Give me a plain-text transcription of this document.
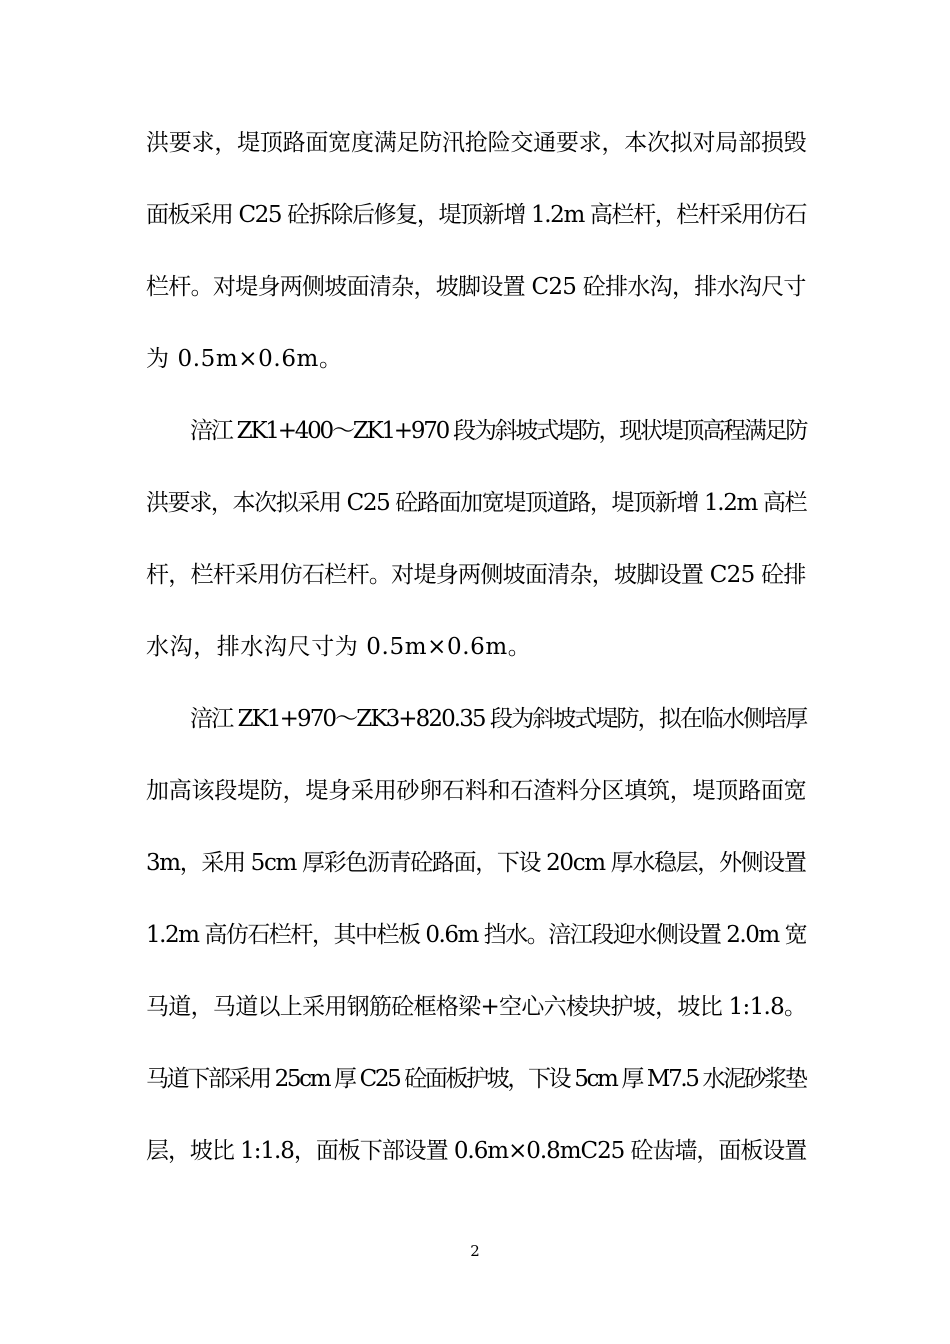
洪要求，堤顶路面宽度满足防汛抢险交通要求，本次拟对局部损毁
面板采用 C25 砼拆除后修复，堤顶新增 1.2m 高栏杆，栏杆采用仿石
栏杆。对堤身两侧坡面清杂，坡脚设置 C25 砼排水沟，排水沟尺寸
为 0.5m×0.6m。
涪江 ZK1+400～ZK1+970 段为斜坡式堤防，现状堤顶高程满足防
洪要求，本次拟采用 C25 砼路面加宽堤顶道路，堤顶新增 1.2m 高栏
杆，栏杆采用仿石栏杆。对堤身两侧坡面清杂，坡脚设置 C25 砼排
水沟，排水沟尺寸为 0.5m×0.6m。
涪江 ZK1+970～ZK3+820.35 段为斜坡式堤防，拟在临水侧培厚
加高该段堤防，堤身采用砂卵石料和石渣料分区填筑，堤顶路面宽
3m，采用 5cm 厚彩色沥青砼路面，下设 20cm 厚水稳层，外侧设置
1.2m 高仿石栏杆，其中栏板 0.6m 挡水。涪江段迎水侧设置 2.0m 宽
马道，马道以上采用钢筋砼框格梁+空心六棱块护坡，坡比 1:1.8。
马道下部采用 25cm 厚 C25 砼面板护坡，下设 5cm 厚 M7.5 水泥砂浆垫
层，坡比 1:1.8，面板下部设置 0.6m×0.8mC25 砼齿墙，面板设置
2
